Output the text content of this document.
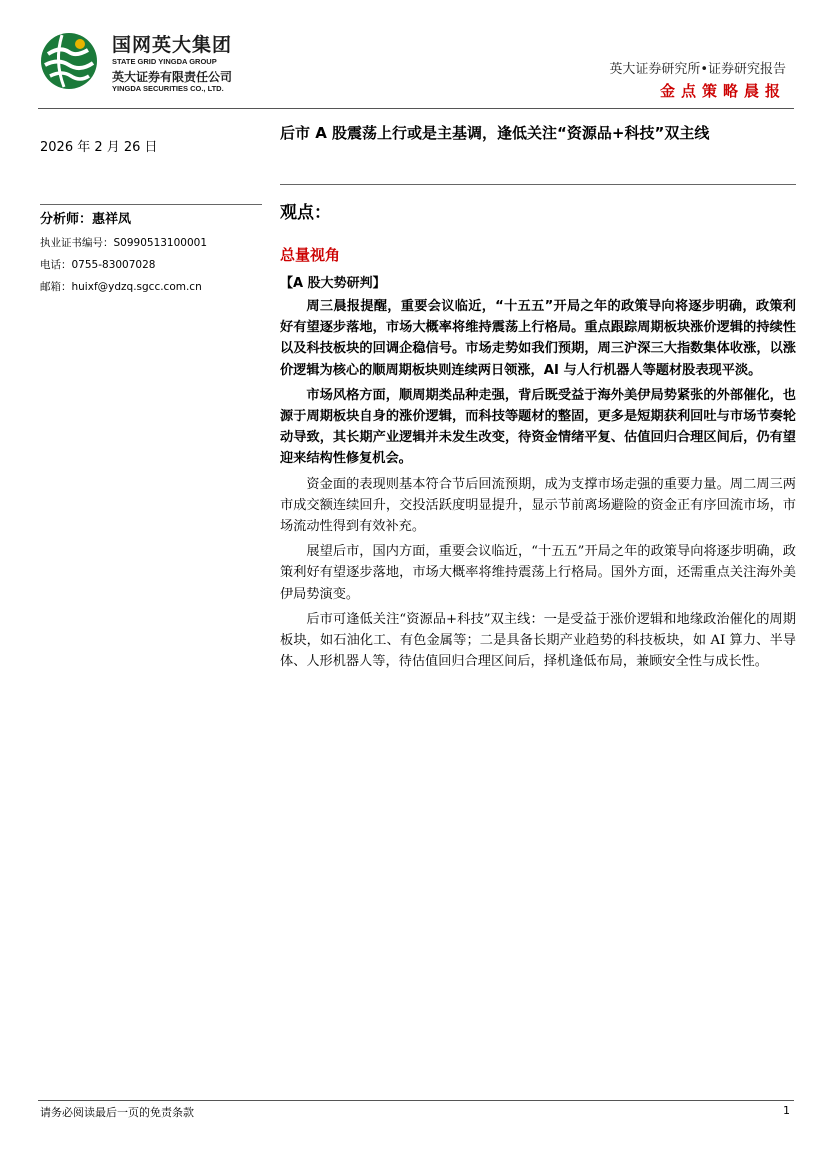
国网英大集团
STATE GRID YINGDA GROUP
英大证券有限责任公司
YINGDA SECURITIES CO., LTD.
英大证券研究所•证券研究报告
金点策略晨报
2026 年 2 月 26 日
后市 A 股震荡上行或是主基调，逢低关注“资源品+科技”双主线
分析师：惠祥凤
执业证书编号：S0990513100001
电话：0755-83007028
邮箱：huixf@ydzq.sgcc.com.cn
观点：
总量视角
【A 股大势研判】

周三晨报提醒，重要会议临近，“十五五”开局之年的政策导向将逐步明确，政策利好有望逐步落地，市场大概率将维持震荡上行格局。重点跟踪周期板块涨价逻辑的持续性以及科技板块的回调企稳信号。市场走势如我们预期，周三沪深三大指数集体收涨，以涨价逻辑为核心的顺周期板块则连续两日领涨，AI 与人行机器人等题材股表现平淡。

市场风格方面，顺周期类品种走强，背后既受益于海外美伊局势紧张的外部催化，也源于周期板块自身的涨价逻辑，而科技等题材的整固，更多是短期获利回吐与市场节奏轮动导致，其长期产业逻辑并未发生改变，待资金情绪平复、估值回归合理区间后，仍有望迎来结构性修复机会。

资金面的表现则基本符合节后回流预期，成为支撑市场走强的重要力量。周二周三两市成交额连续回升，交投活跃度明显提升，显示节前离场避险的资金正有序回流市场，市场流动性得到有效补充。

展望后市，国内方面，重要会议临近，“十五五”开局之年的政策导向将逐步明确，政策利好有望逐步落地，市场大概率将维持震荡上行格局。国外方面，还需重点关注海外美伊局势演变。

后市可逢低关注“资源品+科技”双主线：一是受益于涨价逻辑和地缘政治催化的周期板块，如石油化工、有色金属等；二是具备长期产业趋势的科技板块，如 AI 算力、半导体、人形机器人等，待估值回归合理区间后，择机逢低布局，兼顾安全性与成长性。

请务必阅读最后一页的免责条款	1
